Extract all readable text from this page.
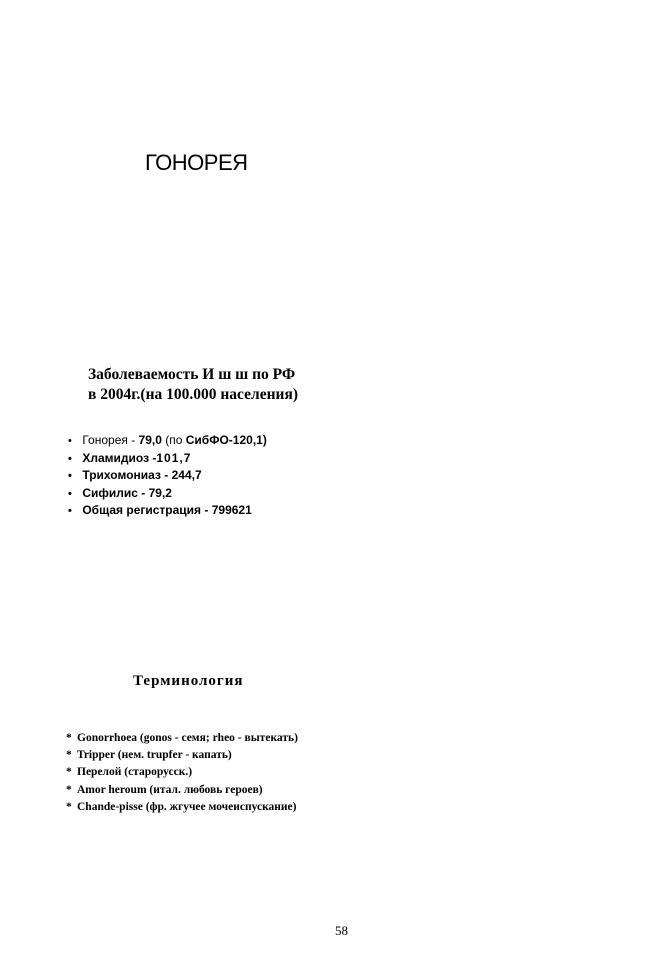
ГОНОРЕЯ
Заболеваемость И ш ш по РФ
в 2004г.(на 100.000 населения)
• Гонорея - 79,0 (по СибФО-120,1)
• Хламидиоз -101,7
• Трихомониаз - 244,7
• Сифилис - 79,2
• Общая регистрация - 799621
Терминология
* Gonorrhoea (gonos - семя; rheo - вытекать)
* Tripper (нем. trupfer - капать)
* Перелой (старорусск.)
* Amor heroum (итал. любовь героев)
* Chande-pisse (фр. жгучее мочеиспускание)
58
